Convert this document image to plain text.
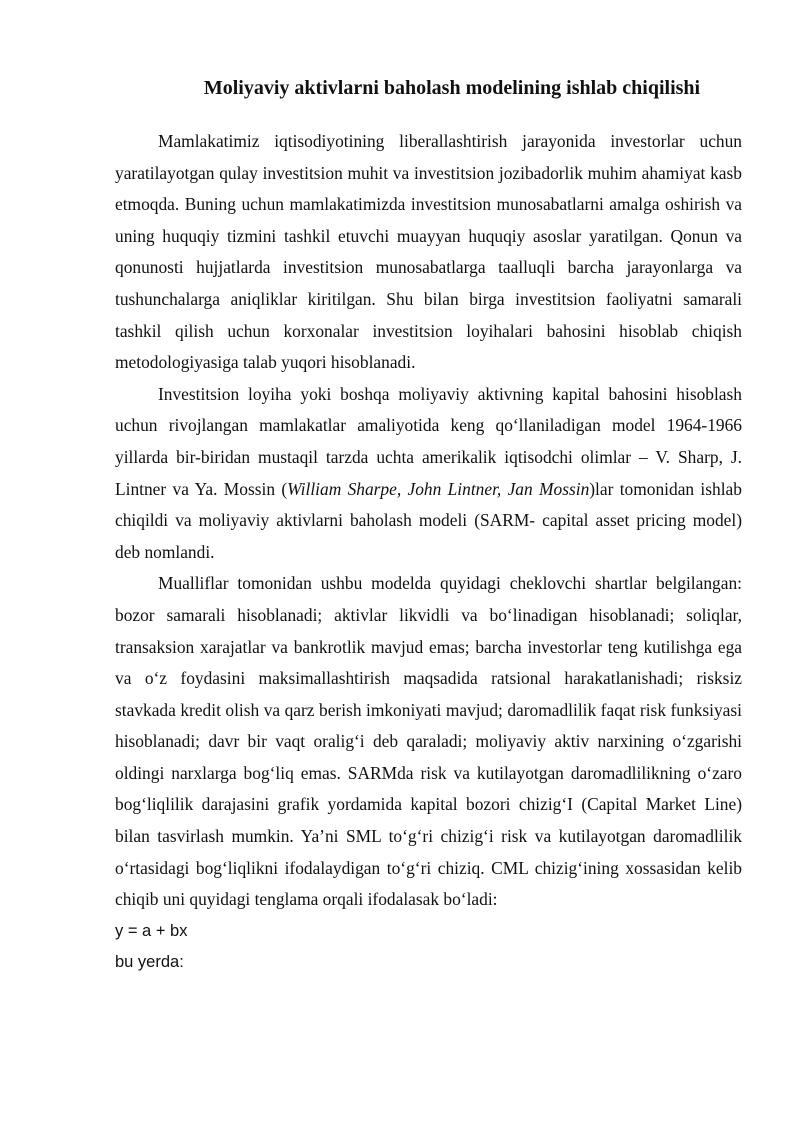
Moliyaviy aktivlarni baholash modelining ishlab chiqilishi

Mamlakatimiz iqtisodiyotining liberallashtirish jarayonida investorlar uchun yaratilayotgan qulay investitsion muhit va investitsion jozibadorlik muhim ahamiyat kasb etmoqda. Buning uchun mamlakatimizda investitsion munosabatlarni amalga oshirish va uning huquqiy tizmini tashkil etuvchi muayyan huquqiy asoslar yaratilgan. Qonun va qonunosti hujjatlarda investitsion munosabatlarga taalluqli barcha jarayonlarga va tushunchalarga aniqliklar kiritilgan. Shu bilan birga investitsion faoliyatni samarali tashkil qilish uchun korxonalar investitsion loyihalari bahosini hisoblab chiqish metodologiyasiga talab yuqori hisoblanadi.

Investitsion loyiha yoki boshqa moliyaviy aktivning kapital bahosini hisoblash uchun rivojlangan mamlakatlar amaliyotida keng qo‘llaniladigan model 1964-1966 yillarda bir-biridan mustaqil tarzda uchta amerikalik iqtisodchi olimlar – V. Sharp, J. Lintner va Ya. Mossin (William Sharpe, John Lintner, Jan Mossin)lar tomonidan ishlab chiqildi va moliyaviy aktivlarni baholash modeli (SARM- capital asset pricing model) deb nomlandi.

Mualliflar tomonidan ushbu modelda quyidagi cheklovchi shartlar belgilangan: bozor samarali hisoblanadi; aktivlar likvidli va bo‘linadigan hisoblanadi; soliqlar, transaksion xarajatlar va bankrotlik mavjud emas; barcha investorlar teng kutilishga ega va o‘z foydasini maksimallashtirish maqsadida ratsional harakatlanishadi; risksiz stavkada kredit olish va qarz berish imkoniyati mavjud; daromadlilik faqat risk funksiyasi hisoblanadi; davr bir vaqt oralig‘i deb qaraladi; moliyaviy aktiv narxining o‘zgarishi oldingi narxlarga bog‘liq emas. SARMda risk va kutilayotgan daromadlilikning o‘zaro bog‘liqlilik darajasini grafik yordamida kapital bozori chizig‘I (Capital Market Line) bilan tasvirlash mumkin. Ya’ni SML to‘g‘ri chizig‘i risk va kutilayotgan daromadlilik o‘rtasidagi bog‘liqlikni ifodalaydigan to‘g‘ri chiziq. CML chizig‘ining xossasidan kelib chiqib uni quyidagi tenglama orqali ifodalasak bo‘ladi:

y = a + bx

bu yerda:
